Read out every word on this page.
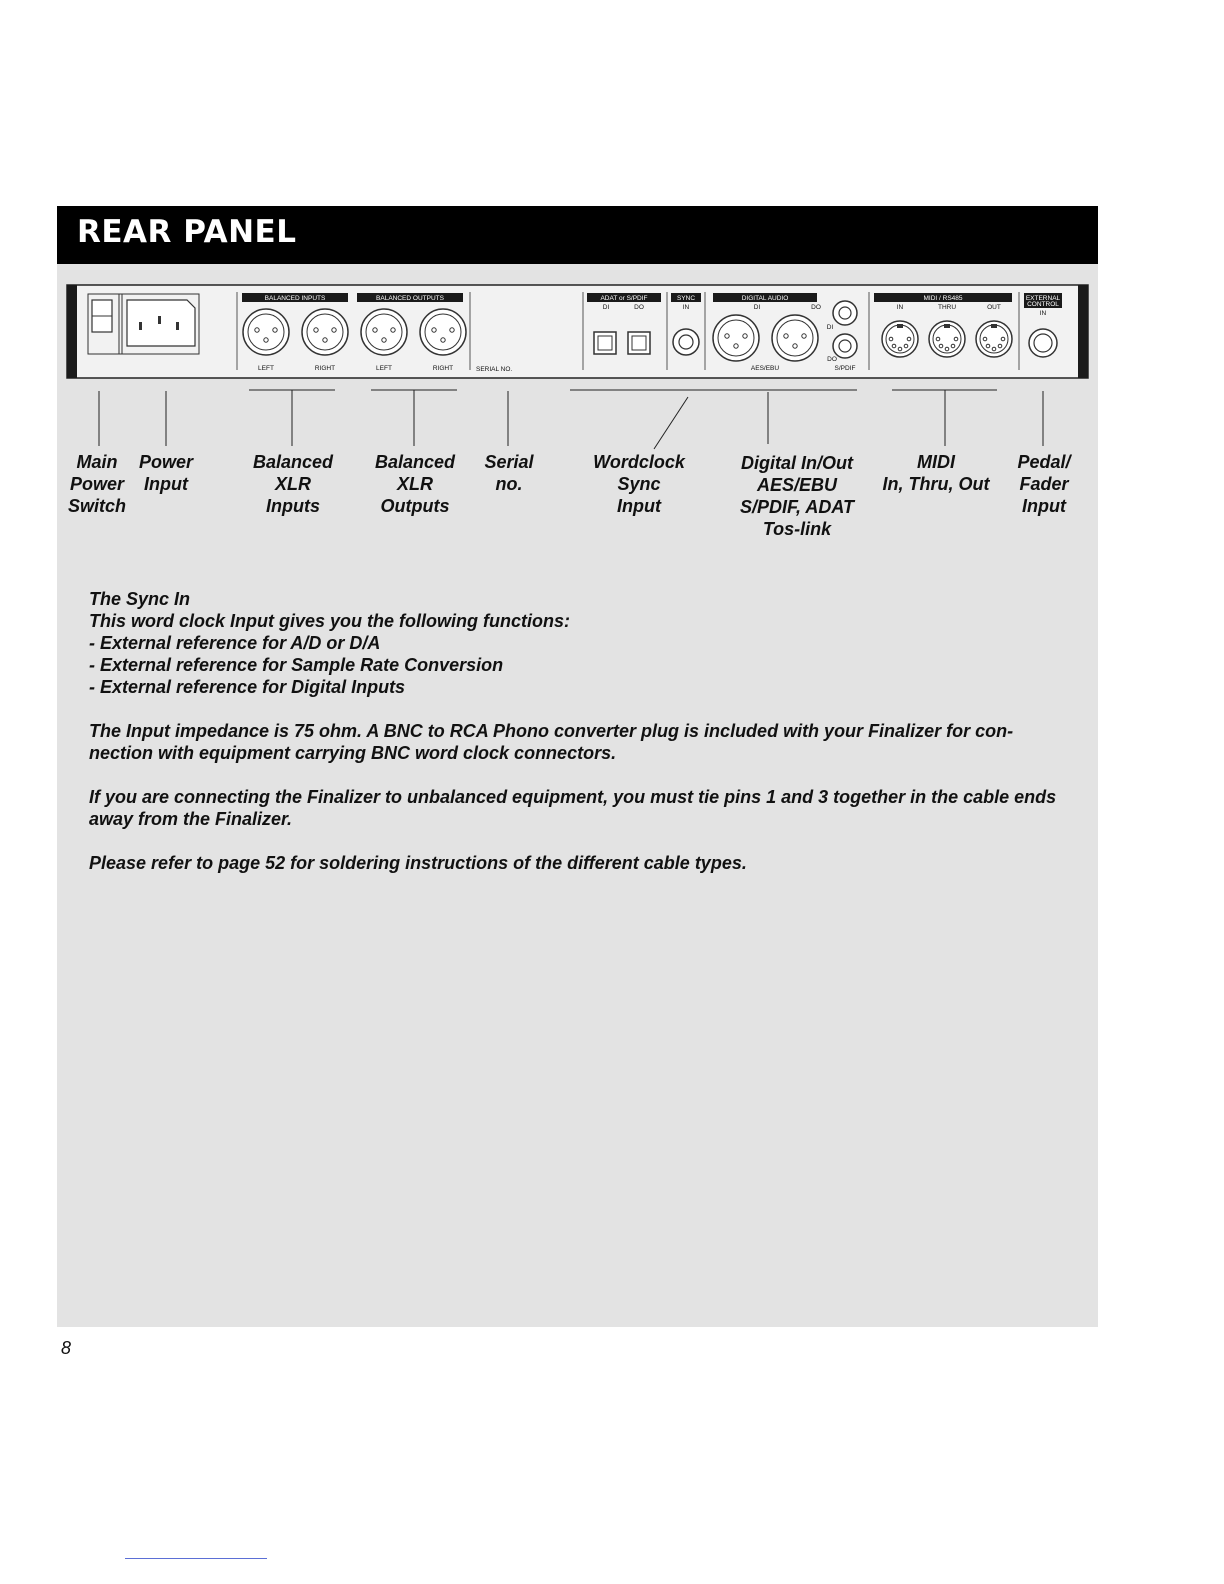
REAR PANEL
BALANCED INPUTS
LEFT	RIGHT
BALANCED OUTPUTS
LEFT	RIGHT	SERIAL NO.
ADAT or S/PDIF
DI	DO
SYNC
IN
DIGITAL AUDIO
DI	DO
AES/EBU
DI
DO
S/PDIF
MIDI / RS485
IN	THRU	OUT
EXTERNAL
CONTROL
IN
Main
Power
Switch
Power
Input
Balanced
XLR
Inputs
Balanced
XLR
Outputs
Serial
no.
Wordclock
Sync
Input
Digital In/Out
AES/EBU
S/PDIF, ADAT
Tos-link
MIDI
In, Thru, Out
Pedal/
Fader
Input

The Sync In

This word clock Input gives you the following functions:

- External reference for A/D or D/A

- External reference for Sample Rate Conversion

- External reference for Digital Inputs

The Input impedance is 75 ohm. A BNC to RCA Phono converter plug is included with your Finalizer for con-nection with equipment carrying BNC word clock connectors.

If you are connecting the Finalizer to unbalanced equipment, you must tie pins 1 and 3 together in the cable ends away from the Finalizer.

Please refer to page 52 for soldering instructions of the different cable types.

8
